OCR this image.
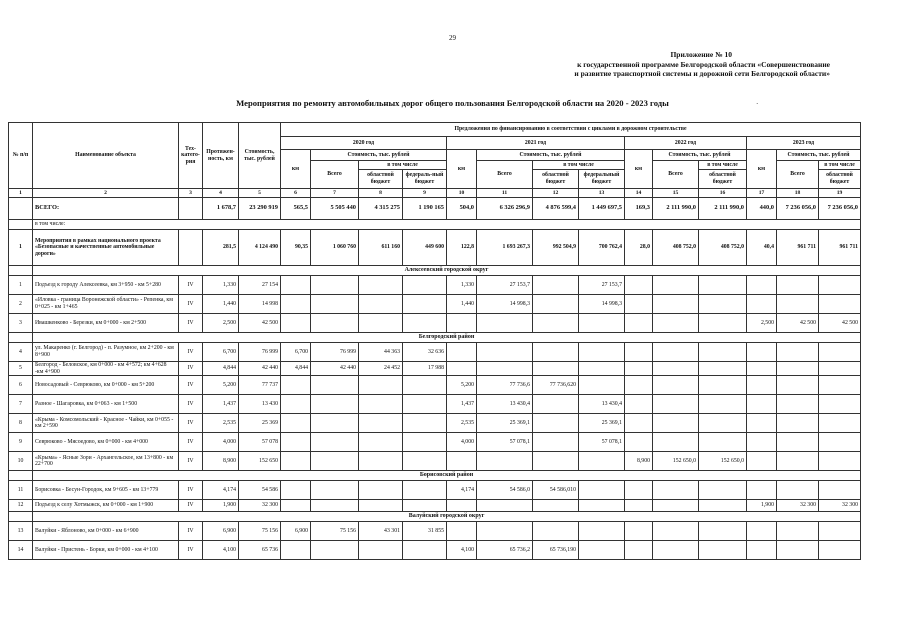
29
Приложение № 10
к государственной программе Белгородской области «Совершенствование
и развитие транспортной системы и дорожной сети Белгородской области»
Мероприятия по ремонту автомобильных дорог общего пользования Белгородской области на 2020 - 2023 годы	·
№ п/п	Наименование объекта	Тех-катего-рия	Протяжен-ность, км	Стоимость, тыс. рублей	Предложения по финансированию в соответствии с циклами в дорожном строительстве													
					2020 год				2021 год				2022 год			2023 год		
					км	Стоимость, тыс. рублей			км	Стоимость, тыс. рублей			км	Стоимость, тыс. рублей		км	Стоимость, тыс. рублей	
						Всего	в том числе			Всего	в том числе			Всего	в том числе		Всего	в том числе
							областной бюджет	федераль-ный бюджет			областной бюджет	федеральный бюджет			областной бюджет			областной бюджет
1	2	3	4	5	6	7	8	9	10	11	12	13	14	15	16	17	18	19
	ВСЕГО:		1 678,7	23 290 919	565,5	5 505 440	4 315 275	1 190 165	504,0	6 326 296,9	4 876 599,4	1 449 697,5	169,3	2 111 990,0	2 111 990,0	440,0	7 236 056,0	7 236 056,0
	в том числе:																	
1	Мероприятия в рамках национального проекта «Безопасные и качественные автомобильные дороги»		281,5	4 124 490	90,35	1 060 760	611 160	449 600	122,8	1 693 267,3	992 504,9	700 762,4	28,0	408 752,0	408 752,0	40,4	961 711	961 711
	Алексеевский городской округ																	
1	Подъезд к городу Алексеевка, км 3+950 - км 5+280	IV	1,330	27 154					1,330	27 153,7		27 153,7						
2	«Иловка - граница Воронежской области» - Репенка, км 0+025 - км 1+465	IV	1,440	14 998					1,440	14 998,3		14 998,3						
3	Ивашкенково - Березки, км 0+000 - км 2+500	IV	2,500	42 500												2,500	42 500	42 500
	Белгородский район																	
4	ул. Макаренко (г. Белгород) - п. Разумное, км 2+200 - км 8+900	IV	6,700	76 999	6,700	76 999	44 363	32 636										
5	Белгород - Беловское, км 0+000 - км 4+572; км 4+628 -км 4+900	IV	4,844	42 440	4,844	42 440	24 452	17 988										
6	Новосадовый - Севрюково, км 0+000 - км 5+200	IV	5,200	77 737					5,200	77 736,6	77 736,620							
7	Разное - Шагаровка, км 0+063 - км 1+500	IV	1,437	13 430					1,437	13 430,4		13 430,4						
8	«Крыма - Комсомольский - Красное - Чайки, км 0+055 - км 2+590	IV	2,535	25 369					2,535	25 369,1		25 369,1						
9	Севрюково - Мясоедово, км 0+000 - км 4+000	IV	4,000	57 078					4,000	57 078,1		57 078,1						
10	«Крыма» - Ясные Зори - Архангельское, км 13+800 - км 22+700	IV	8,900	152 650									8,900	152 650,0	152 650,0			
	Борисовский район																	
11	Борисовка - Бесун-Городок, км 9+605 - км 13+779	IV	4,174	54 586					4,174	54 586,0	54 586,010							
12	Подъезд к селу Хотмыжск, км 0+000 - км 1+900	IV	1,900	32 300												1,900	32 300	32 300
	Валуйский городской округ																	
13	Валуйки - Яблоново, км 0+000 - км 6+900	IV	6,900	75 156	6,900	75 156	43 301	31 855										
14	Валуйки - Пристень - Борки, км 0+000 - км 4+100	IV	4,100	65 736					4,100	65 736,2	65 736,190							
